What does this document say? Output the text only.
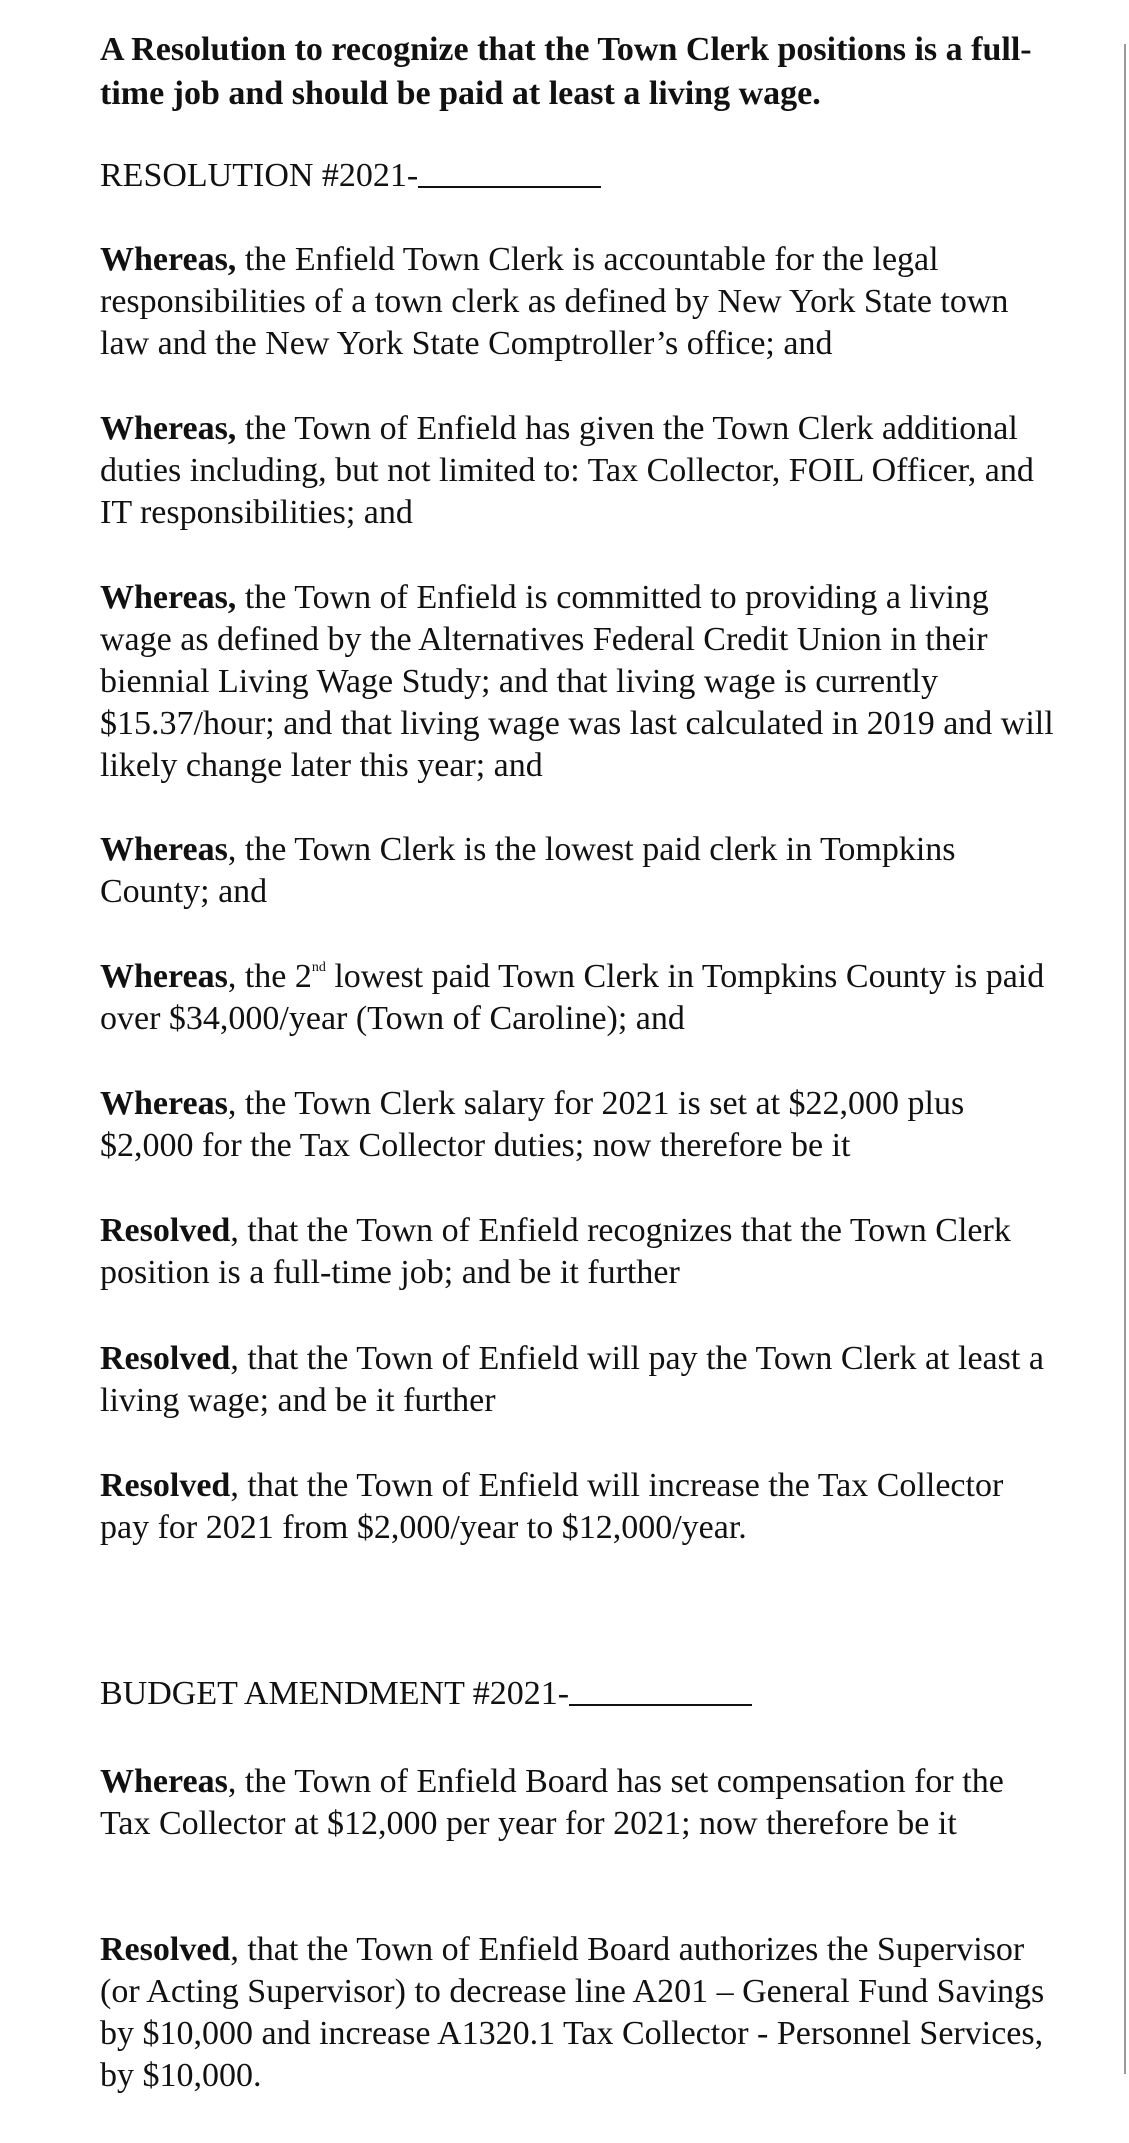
A Resolution to recognize that the Town Clerk positions is a full-time job and should be paid at least a living wage.
RESOLUTION #2021-
Whereas, the Enfield Town Clerk is accountable for the legal responsibilities of a town clerk as defined by New York State town law and the New York State Comptroller’s office; and
Whereas, the Town of Enfield has given the Town Clerk additional duties including, but not limited to: Tax Collector, FOIL Officer, and IT responsibilities; and
Whereas, the Town of Enfield is committed to providing a living wage as defined by the Alternatives Federal Credit Union in their biennial Living Wage Study; and that living wage is currently $15.37/hour; and that living wage was last calculated in 2019 and will likely change later this year; and
Whereas, the Town Clerk is the lowest paid clerk in Tompkins County; and
Whereas, the 2nd lowest paid Town Clerk in Tompkins County is paid over $34,000/year (Town of Caroline); and
Whereas, the Town Clerk salary for 2021 is set at $22,000 plus $2,000 for the Tax Collector duties; now therefore be it
Resolved, that the Town of Enfield recognizes that the Town Clerk position is a full-time job; and be it further
Resolved, that the Town of Enfield will pay the Town Clerk at least a living wage; and be it further
Resolved, that the Town of Enfield will increase the Tax Collector pay for 2021 from $2,000/year to $12,000/year.
BUDGET AMENDMENT #2021-
Whereas, the Town of Enfield Board has set compensation for the Tax Collector at $12,000 per year for 2021; now therefore be it
Resolved, that the Town of Enfield Board authorizes the Supervisor (or Acting Supervisor) to decrease line A201 – General Fund Savings by $10,000 and increase A1320.1 Tax Collector - Personnel Services, by $10,000.
